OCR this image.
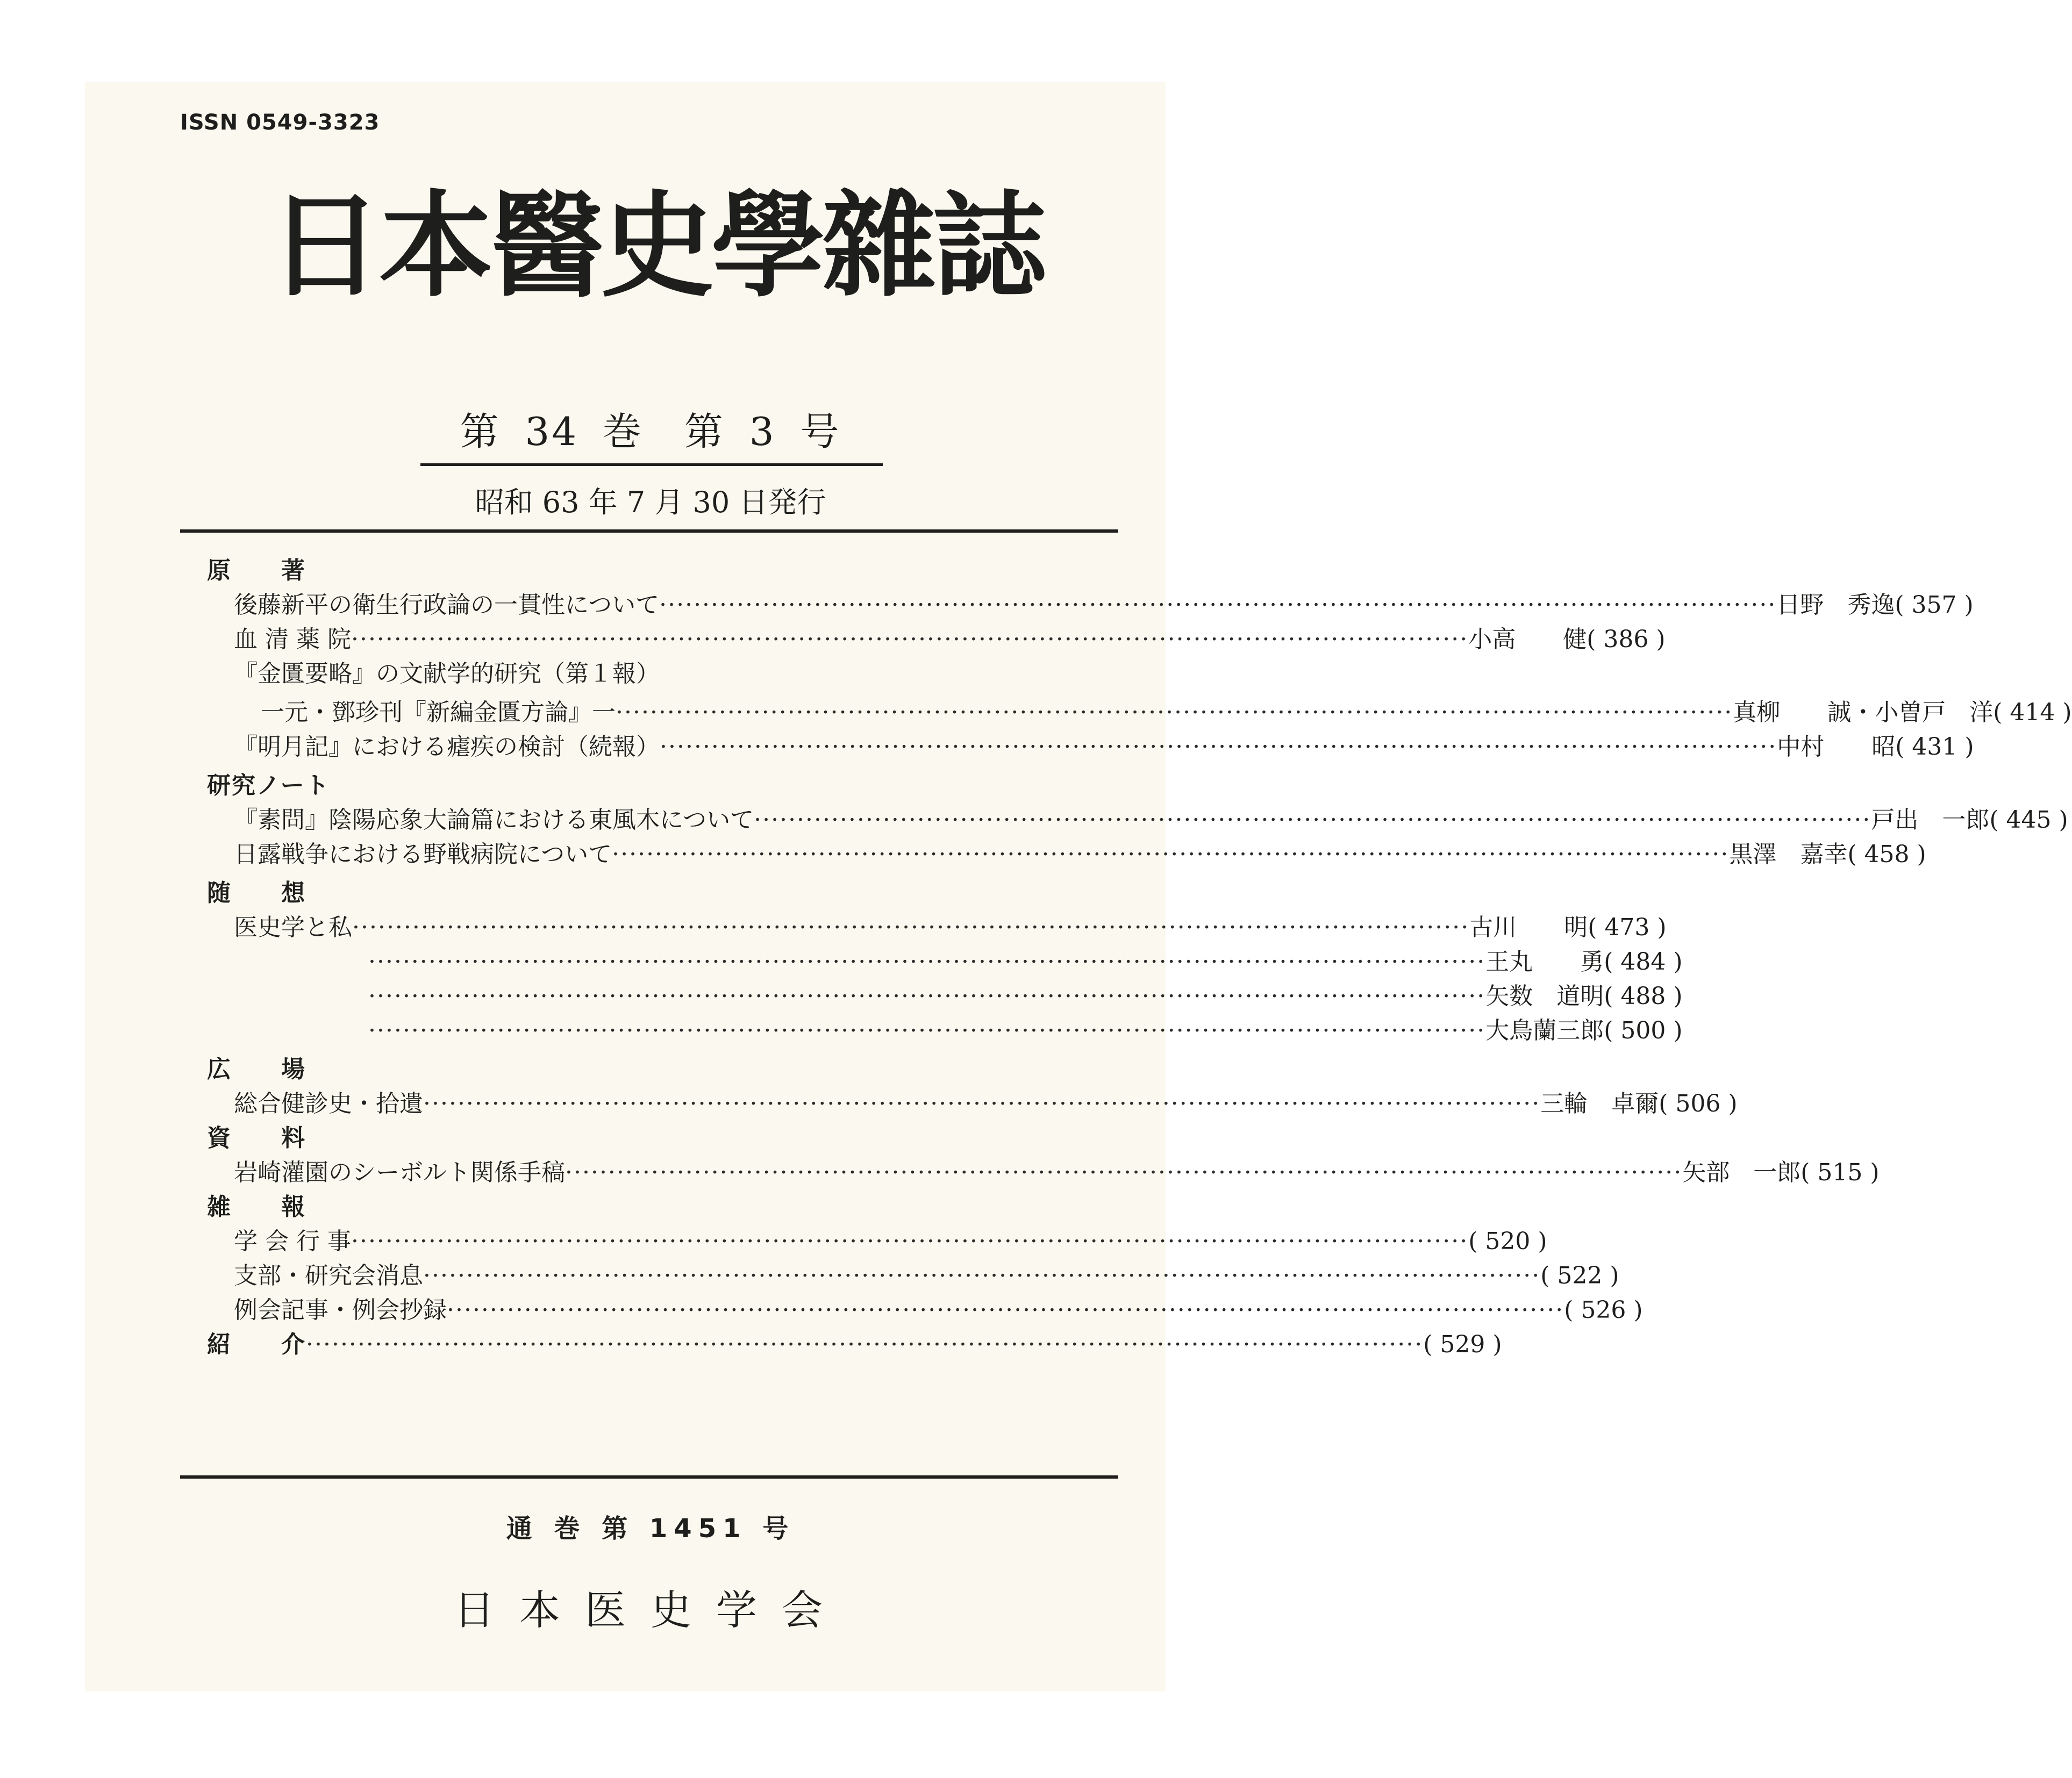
ISSN 0549-3323
日本醫史學雜誌
第 34 巻　第 3 号
昭和 63 年 7 月 30 日発行
原　　著
後藤新平の衛生行政論の一貫性について ·································································································································· 日野　秀逸 ( 357 )
血 清 薬 院 ·································································································································· 小高　　健 ( 386 )
『金匱要略』の文献学的研究（第１報）
一元・鄧珍刊『新編金匱方論』一 ·································································································································· 真柳　　誠・小曽戸　洋 ( 414 )
『明月記』における瘧疾の検討（続報） ·································································································································· 中村　　昭 ( 431 )
研究ノート
『素問』陰陽応象大論篇における東風木について ·································································································································· 戸出　一郎 ( 445 )
日露戦争における野戦病院について ·································································································································· 黒澤　嘉幸 ( 458 )
随　　想
医史学と私 ·································································································································· 古川　　明 ( 473 )
·································································································································· 王丸　　勇 ( 484 )
·································································································································· 矢数　道明 ( 488 )
·································································································································· 大鳥蘭三郎 ( 500 )
広　　場
総合健診史・拾遺 ·································································································································· 三輪　卓爾 ( 506 )
資　　料
岩崎灌園のシーボルト関係手稿 ·································································································································· 矢部　一郎 ( 515 )
雑　　報
学 会 行 事 ·································································································································· ( 520 )
支部・研究会消息 ·································································································································· ( 522 )
例会記事・例会抄録 ·································································································································· ( 526 )
紹　　介 ·································································································································· ( 529 )
通 巻 第 1451 号
日本医史学会
